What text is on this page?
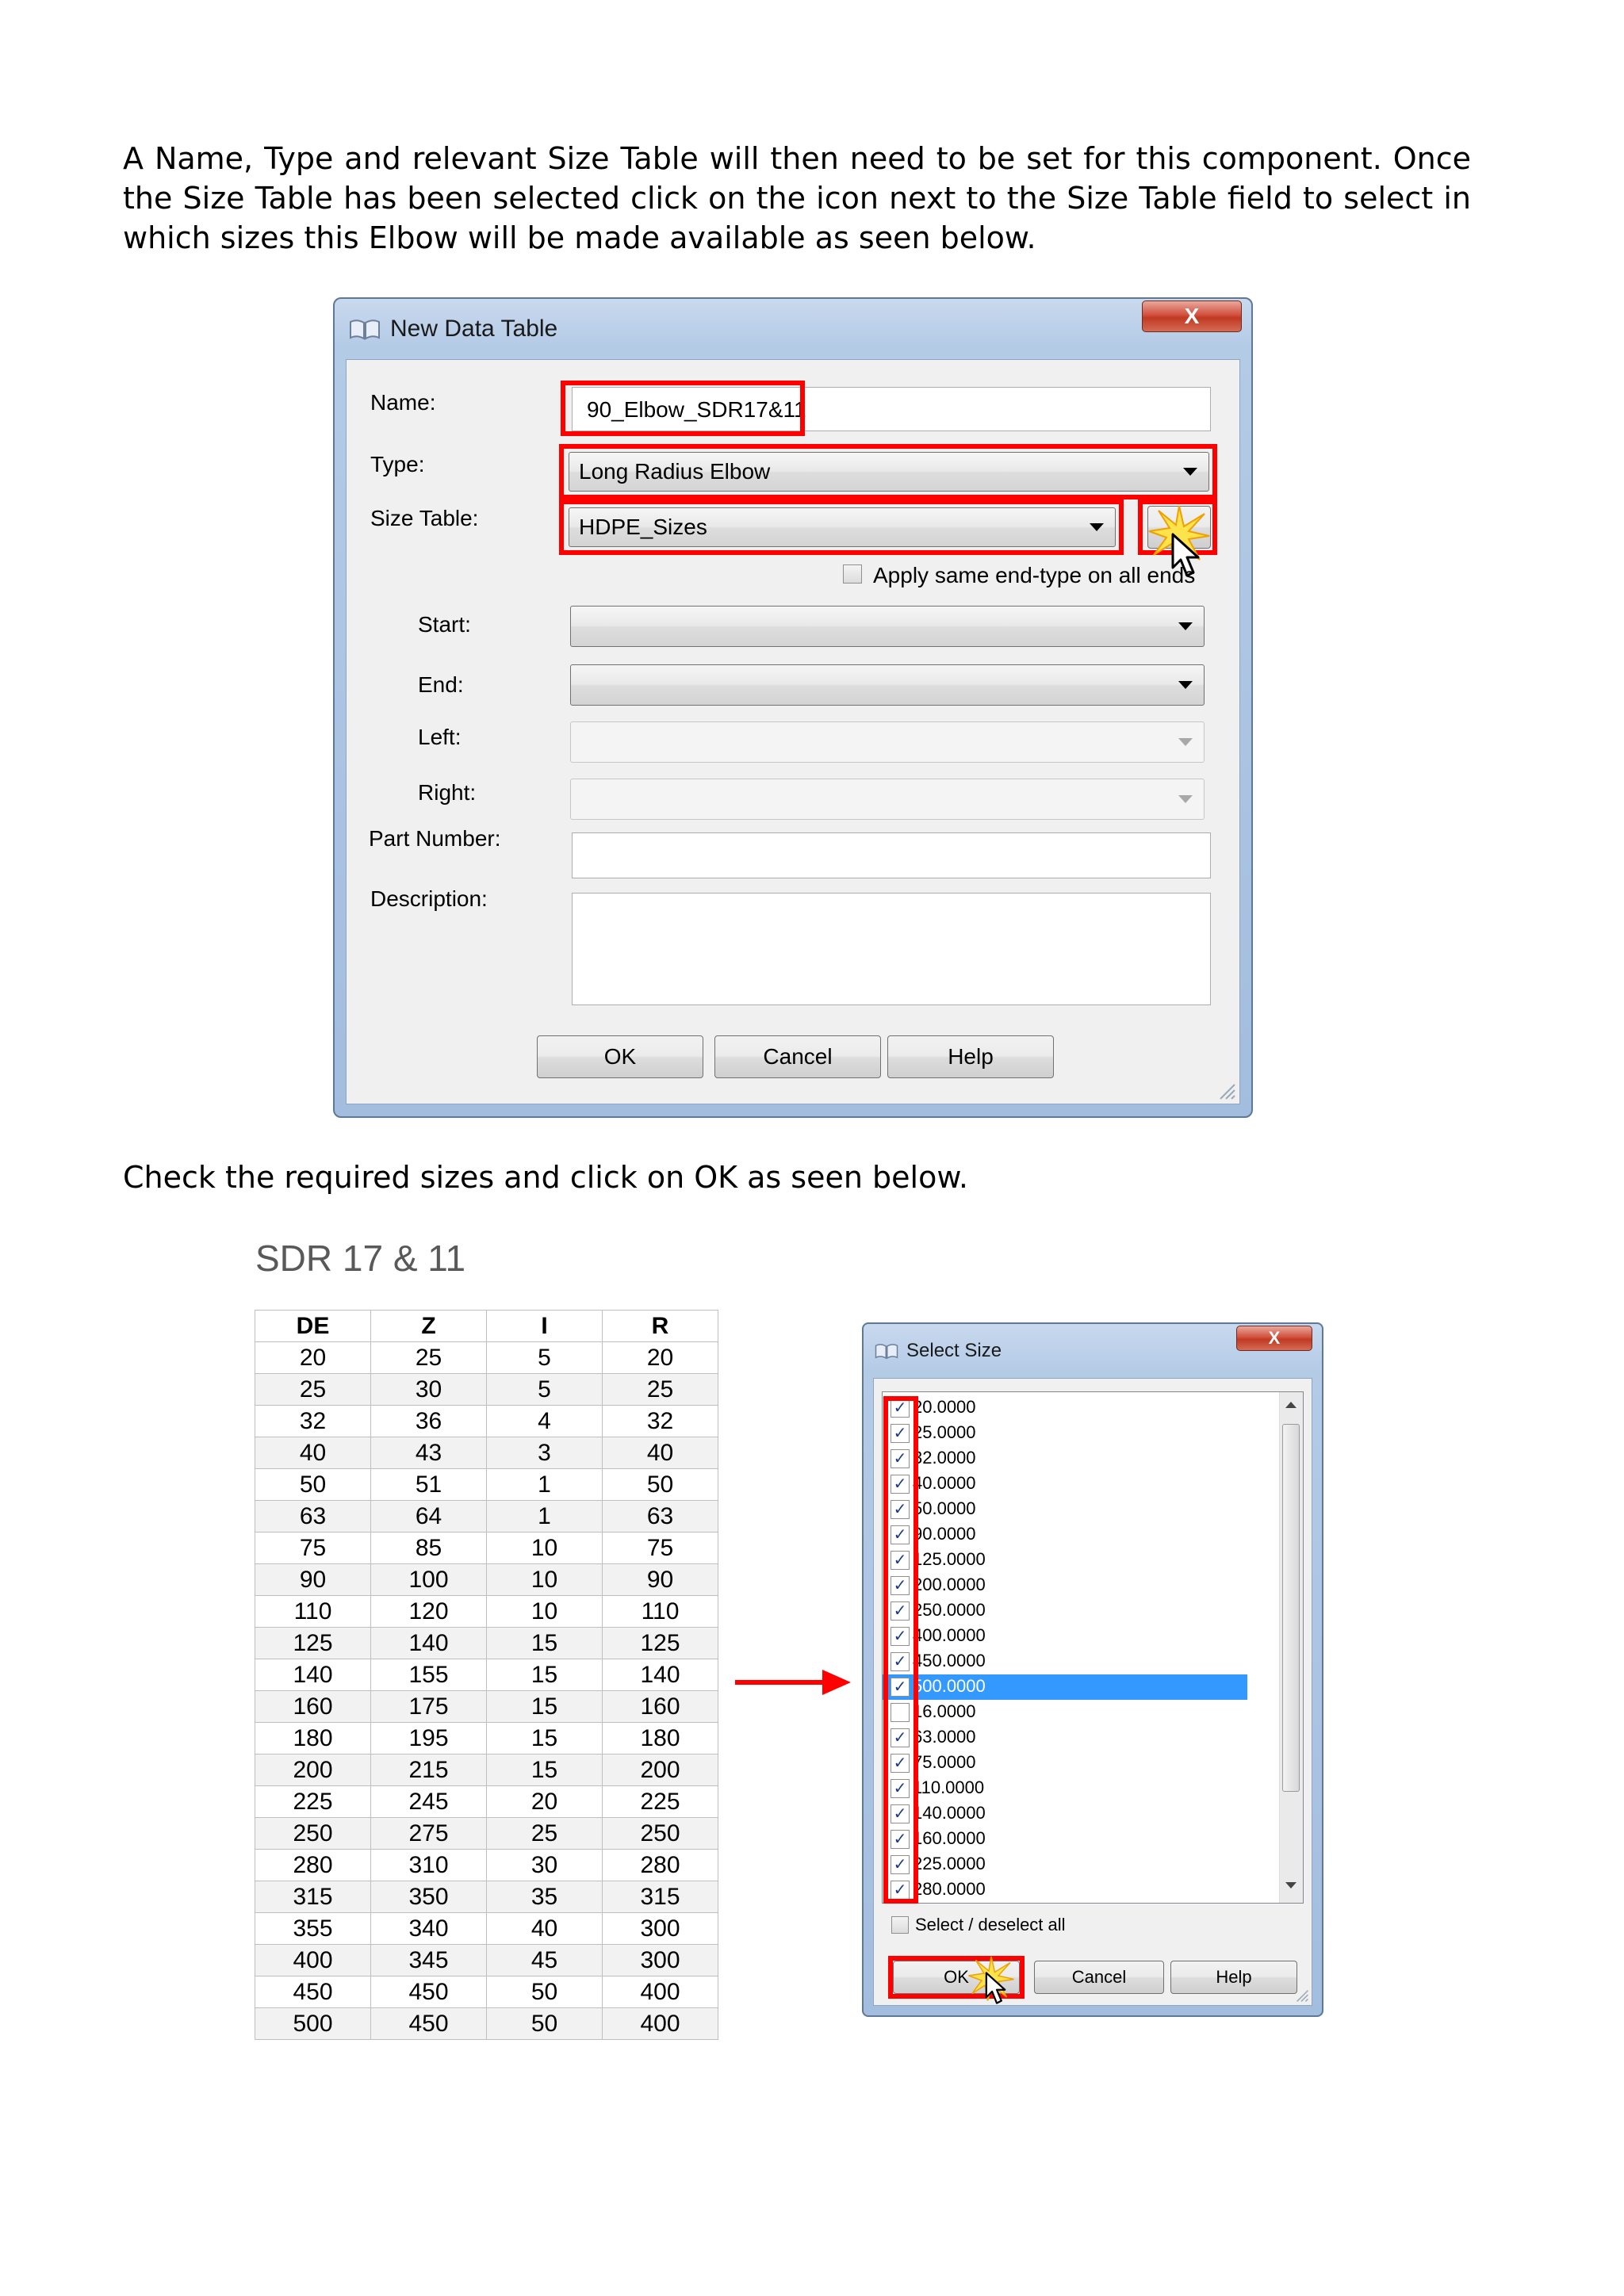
A Name, Type and relevant Size Table will then need to be set for this component. Once the Size Table has been selected click on the icon next to the Size Table field to select in which sizes this Elbow will be made available as seen below.
New Data Table	X
Name:	90_Elbow_SDR17&11
Type:	Long Radius Elbow
Size Table:	HDPE_Sizes
Apply same end-type on all ends
Start:
End:
Left:
Right:
Part Number:
Description:
OK	Cancel	Help
Check the required sizes and click on OK as seen below.
SDR 17 & 11
DE	Z	I	R
20	25	5	20
25	30	5	25
32	36	4	32
40	43	3	40
50	51	1	50
63	64	1	63
75	85	10	75
90	100	10	90
110	120	10	110
125	140	15	125
140	155	15	140
160	175	15	160
180	195	15	180
200	215	15	200
225	245	20	225
250	275	25	250
280	310	30	280
315	350	35	315
355	340	40	300
400	345	45	300
450	450	50	400
500	450	50	400
Select Size
X
✓ 20.0000
✓ 25.0000
✓ 32.0000
✓ 40.0000
✓ 50.0000
✓ 90.0000
✓ 125.0000
✓ 200.0000
✓ 250.0000
✓ 400.0000
✓ 450.0000
✓ 500.0000
16.0000
✓ 63.0000
✓ 75.0000
✓ 110.0000
✓ 140.0000
✓ 160.0000
✓ 225.0000
✓ 280.0000
Select / deselect all
OK	Cancel	Help
